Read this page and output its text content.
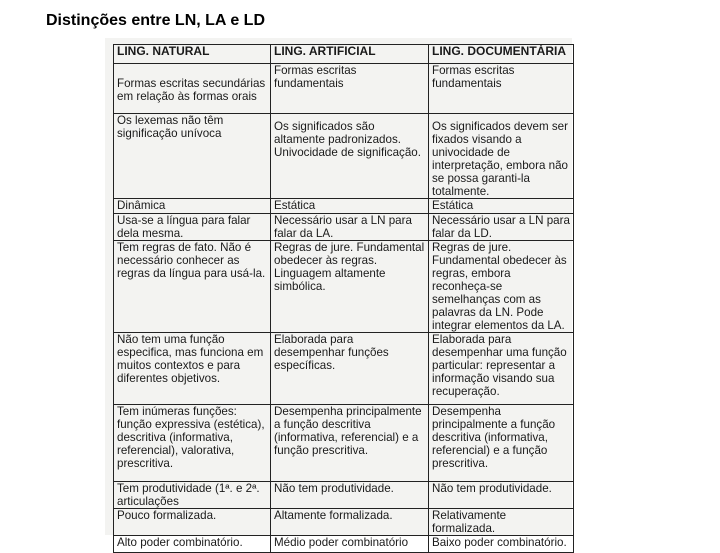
Distinções entre LN, LA e LD
LING. NATURAL	LING. ARTIFICIAL	LING. DOCUMENTÁRIA
Formas escritas secundárias em relação às formas orais	Formas escritas fundamentais	Formas escritas fundamentais
Os lexemas não têm significação unívoca	Os significados são altamente padronizados. Univocidade de significação.	Os significados devem ser fixados visando a univocidade de interpretação, embora não se possa garanti-la totalmente.
Dinâmica	Estática	Estática
Usa-se a língua para falar dela mesma.	Necessário usar a LN para falar da LA.	Necessário usar a LN para falar da LD.
Tem regras de fato. Não é necessário conhecer as regras da língua para usá-la.	Regras de jure. Fundamental obedecer às regras. Linguagem altamente simbólica.	Regras de jure. Fundamental obedecer às regras, embora reconheça-se semelhanças com as palavras da LN. Pode integrar elementos da LA.
Não tem uma função especifica, mas funciona em muitos contextos e para diferentes objetivos.	Elaborada para desempenhar funções específicas.	Elaborada para desempenhar uma função particular: representar a informação visando sua recuperação.
Tem inúmeras funções: função expressiva (estética), descritiva (informativa, referencial), valorativa, prescritiva.	Desempenha principalmente a função descritiva (informativa, referencial) e a função prescritiva.	Desempenha principalmente a função descritiva (informativa, referencial) e a função prescritiva.
Tem produtividade (1ª. e 2ª. articulações	Não tem produtividade.	Não tem produtividade.
Pouco formalizada.	Altamente formalizada.	Relativamente formalizada.
Alto poder combinatório.	Médio poder combinatório	Baixo poder combinatório.
